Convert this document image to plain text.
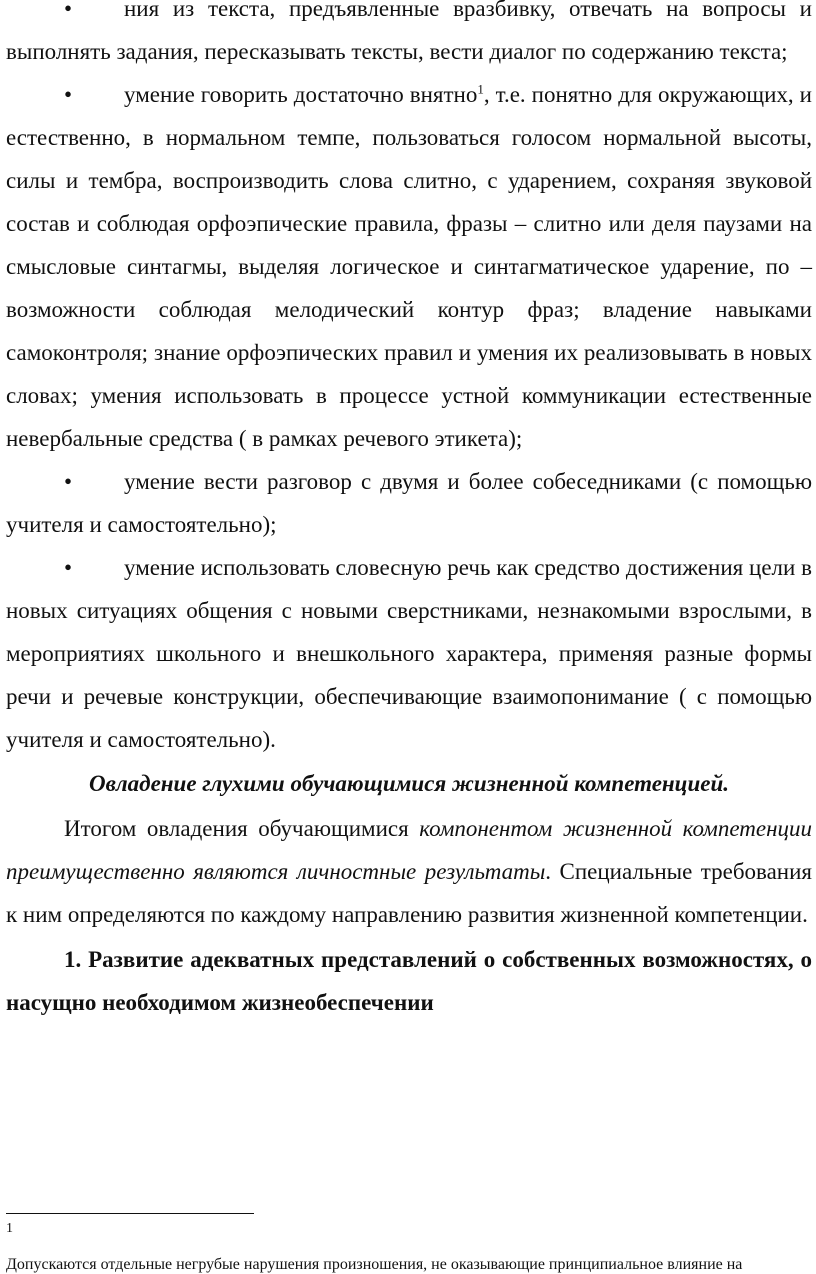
• ния из текста, предъявленные вразбивку, отвечать на вопросы и выполнять задания, пересказывать тексты, вести диалог по содержанию текста;

• умение говорить достаточно внятно$^1$, т.е. понятно для окружающих, и естественно, в нормальном темпе, пользоваться голосом нормальной высоты, силы и тембра, воспроизводить слова слитно, с ударением, сохраняя звуковой состав и соблюдая орфоэпические правила, фразы – слитно или деля паузами на смысловые синтагмы, выделяя логическое и синтагматическое ударение, по – возможности соблюдая мелодический контур фраз; владение навыками самоконтроля; знание орфоэпических правил и умения их реализовывать в новых словах; умения использовать в процессе устной коммуникации естественные невербальные средства ( в рамках речевого этикета);

• умение вести разговор с двумя и более собеседниками (с помощью учителя и самостоятельно);

• умение использовать словесную речь как средство достижения цели в новых ситуациях общения с новыми сверстниками, незнакомыми взрослыми, в мероприятиях школьного и внешкольного характера, применяя разные формы речи и речевые конструкции, обеспечивающие взаимопонимание ( с помощью учителя и самостоятельно).

Овладение глухими обучающимися жизненной компетенцией.

Итогом овладения обучающимися компонентом жизненной компетенции преимущественно являются личностные результаты. Специальные требования к ним определяются по каждому направлению развития жизненной компетенции.

1. Развитие адекватных представлений о собственных возможностях, о насущно необходимом жизнеобеспечении

1
Допускаются отдельные негрубые нарушения произношения, не оказывающие принципиальное влияние на
